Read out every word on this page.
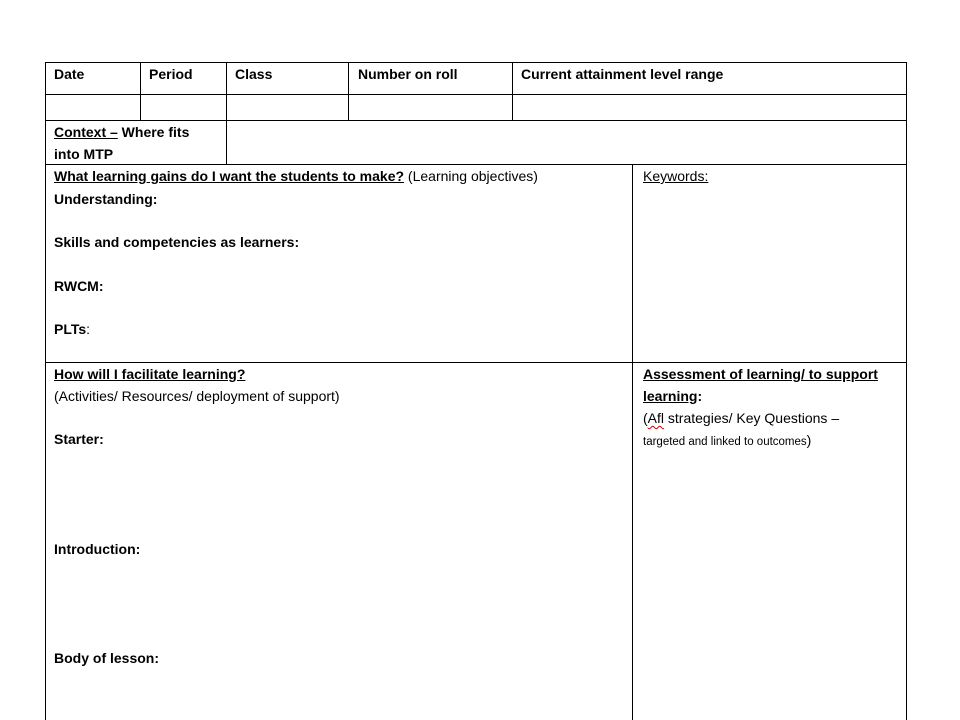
Date	Period	Class	Number on roll	Current attainment level range
Context – Where fits
into MTP
What learning gains do I want the students to make? (Learning objectives)
Understanding:
Skills and competencies as learners:
RWCM:
PLTs:
Keywords:
How will I facilitate learning?
(Activities/ Resources/ deployment of support)
Starter:
Introduction:
Body of lesson:
Assessment of learning/ to support
learning:
(Afl strategies/ Key Questions –
targeted and linked to outcomes)
